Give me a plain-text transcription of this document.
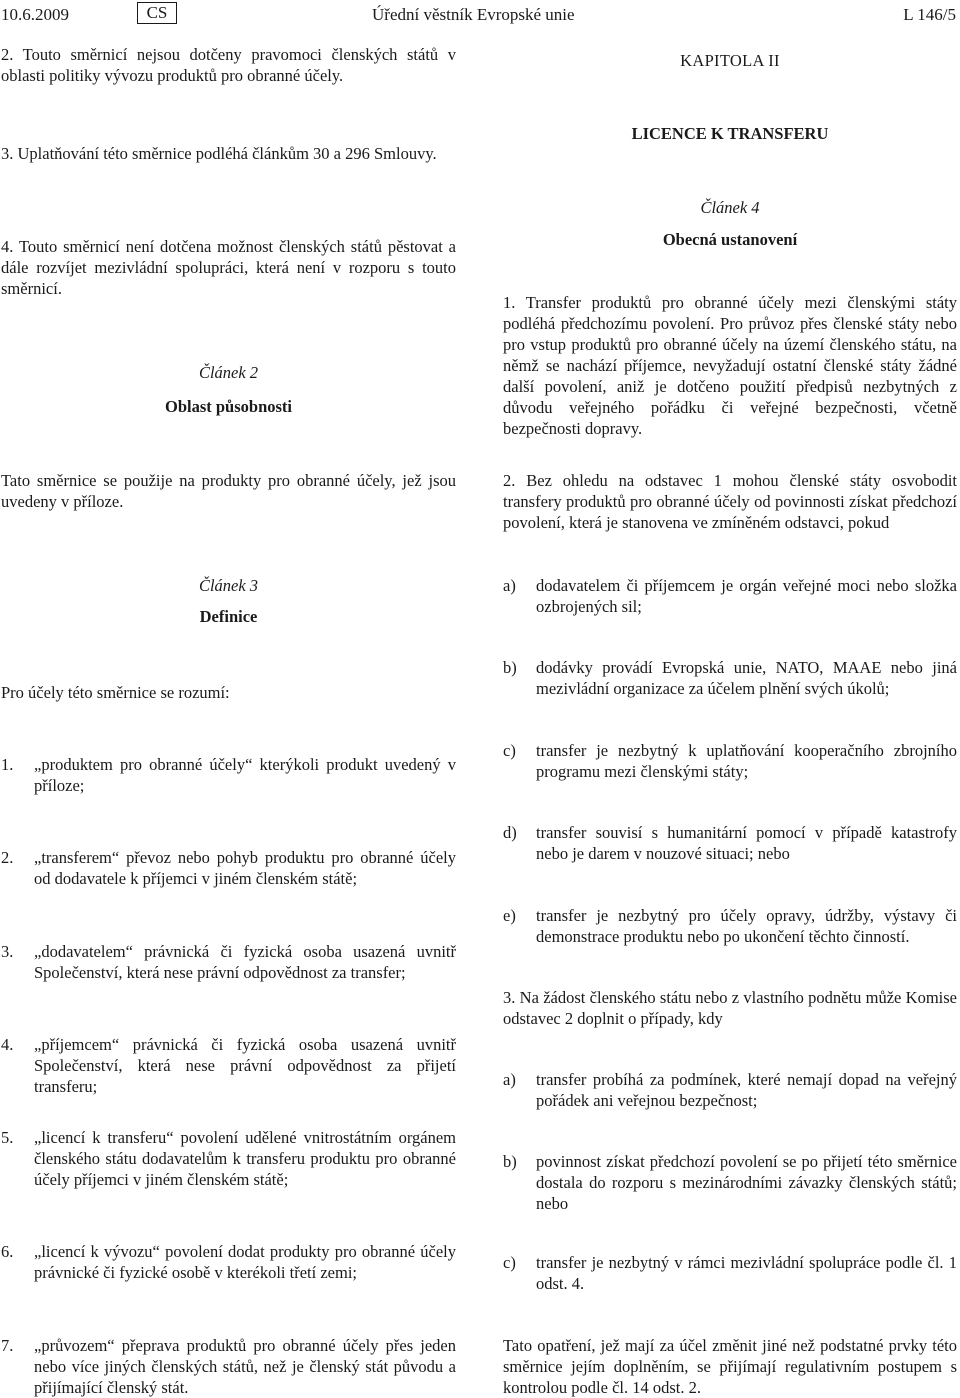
10.6.2009	CS	Úřední věstník Evropské unie	L 146/5

2. Touto směrnicí nejsou dotčeny pravomoci členských států v oblasti politiky vývozu produktů pro obranné účely.

3. Uplatňování této směrnice podléhá článkům 30 a 296 Smlouvy.

4. Touto směrnicí není dotčena možnost členských států pěstovat a dále rozvíjet mezivládní spolupráci, která není v rozporu s touto směrnicí.

Článek 2

Oblast působnosti

Tato směrnice se použije na produkty pro obranné účely, jež jsou uvedeny v příloze.

Článek 3

Definice

Pro účely této směrnice se rozumí:

1.	„produktem pro obranné účely“ kterýkoli produkt uvedený v příloze;
2.	„transferem“ převoz nebo pohyb produktu pro obranné účely od dodavatele k příjemci v jiném členském státě;
3.	„dodavatelem“ právnická či fyzická osoba usazená uvnitř Společenství, která nese právní odpovědnost za transfer;
4.	„příjemcem“ právnická či fyzická osoba usazená uvnitř Společenství, která nese právní odpovědnost za přijetí transferu;
5.	„licencí k transferu“ povolení udělené vnitrostátním orgánem členského státu dodavatelům k transferu produktu pro obranné účely příjemci v jiném členském státě;
6.	„licencí k vývozu“ povolení dodat produkty pro obranné účely právnické či fyzické osobě v kterékoli třetí zemi;
7.	„průvozem“ přeprava produktů pro obranné účely přes jeden nebo více jiných členských států, než je členský stát původu a přijímající členský stát.

KAPITOLA II

LICENCE K TRANSFERU

Článek 4

Obecná ustanovení

1. Transfer produktů pro obranné účely mezi členskými státy podléhá předchozímu povolení. Pro průvoz přes členské státy nebo pro vstup produktů pro obranné účely na území členského státu, na němž se nachází příjemce, nevyžadují ostatní členské státy žádné další povolení, aniž je dotčeno použití předpisů nezbytných z důvodu veřejného pořádku či veřejné bezpečnosti, včetně bezpečnosti dopravy.

2. Bez ohledu na odstavec 1 mohou členské státy osvobodit transfery produktů pro obranné účely od povinnosti získat předchozí povolení, která je stanovena ve zmíněném odstavci, pokud

a)	dodavatelem či příjemcem je orgán veřejné moci nebo složka ozbrojených sil;
b)	dodávky provádí Evropská unie, NATO, MAAE nebo jiná mezivládní organizace za účelem plnění svých úkolů;
c)	transfer je nezbytný k uplatňování kooperačního zbrojního programu mezi členskými státy;
d)	transfer souvisí s humanitární pomocí v případě katastrofy nebo je darem v nouzové situaci; nebo
e)	transfer je nezbytný pro účely opravy, údržby, výstavy či demonstrace produktu nebo po ukončení těchto činností.

3. Na žádost členského státu nebo z vlastního podnětu může Komise odstavec 2 doplnit o případy, kdy

a)	transfer probíhá za podmínek, které nemají dopad na veřejný pořádek ani veřejnou bezpečnost;
b)	povinnost získat předchozí povolení se po přijetí této směrnice dostala do rozporu s mezinárodními závazky členských států; nebo
c)	transfer je nezbytný v rámci mezivládní spolupráce podle čl. 1 odst. 4.

Tato opatření, jež mají za účel změnit jiné než podstatné prvky této směrnice jejím doplněním, se přijímají regulativním postupem s kontrolou podle čl. 14 odst. 2.
